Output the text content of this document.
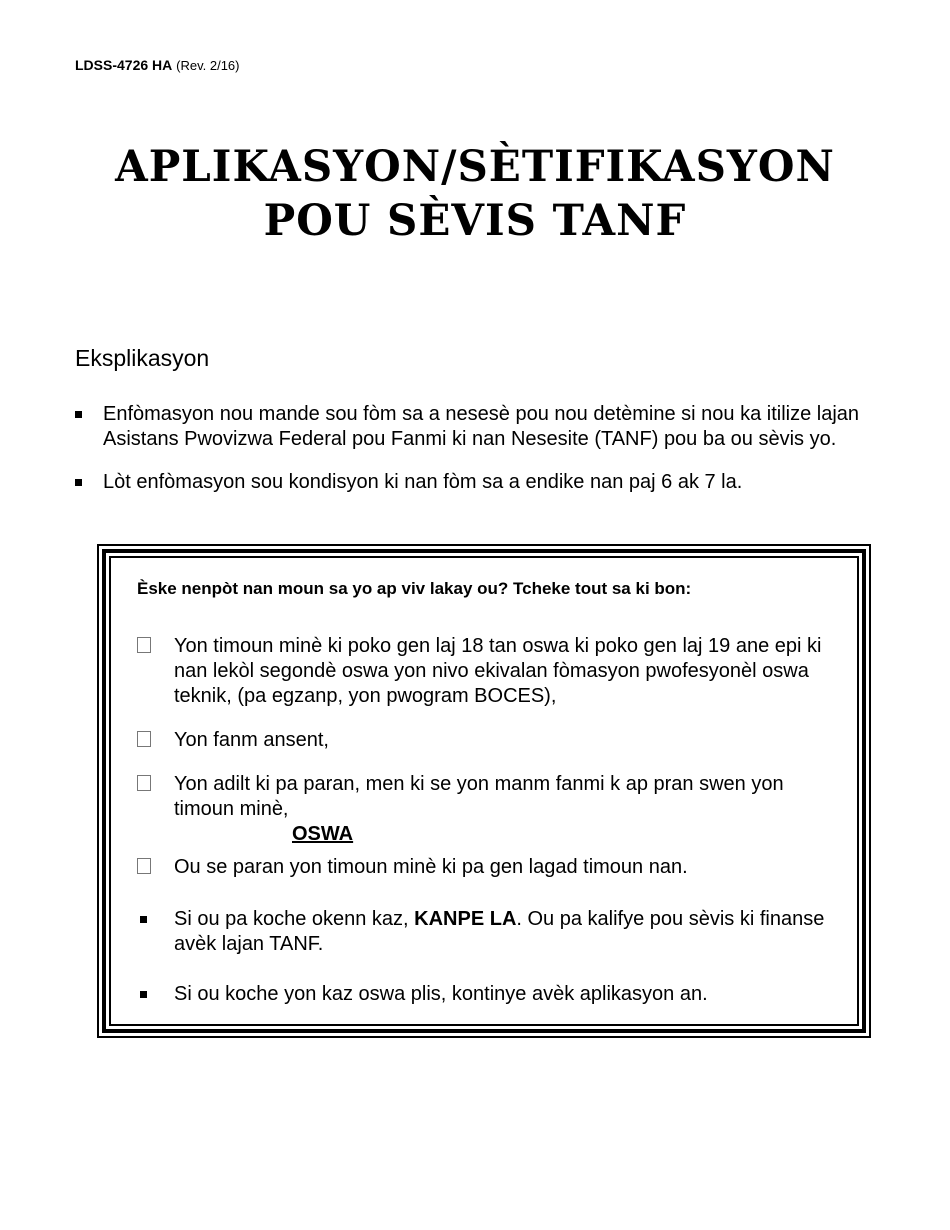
LDSS-4726 HA (Rev. 2/16)
APLIKASYON/SÈTIFIKASYON
POU SÈVIS TANF
Eksplikasyon
Enfòmasyon nou mande sou fòm sa a nesesè pou nou detèmine si nou ka itilize lajan Asistans Pwovizwa Federal pou Fanmi ki nan Nesesite (TANF) pou ba ou sèvis yo.
Lòt enfòmasyon sou kondisyon ki nan fòm sa a endike nan paj 6 ak 7 la.
Èske nenpòt nan moun sa yo ap viv lakay ou? Tcheke tout sa ki bon:
Yon timoun minè ki poko gen laj 18 tan oswa ki poko gen laj 19 ane epi ki nan lekòl segondè oswa yon nivo ekivalan fòmasyon pwofesyonèl oswa teknik, (pa egzanp, yon pwogram BOCES),
Yon fanm ansent,
Yon adilt ki pa paran, men ki se yon manm fanmi k ap pran swen yon timoun minè,
OSWA
Ou se paran yon timoun minè ki pa gen lagad timoun nan.
Si ou pa koche okenn kaz, KANPE LA. Ou pa kalifye pou sèvis ki finanse avèk lajan TANF.
Si ou koche yon kaz oswa plis, kontinye avèk aplikasyon an.
